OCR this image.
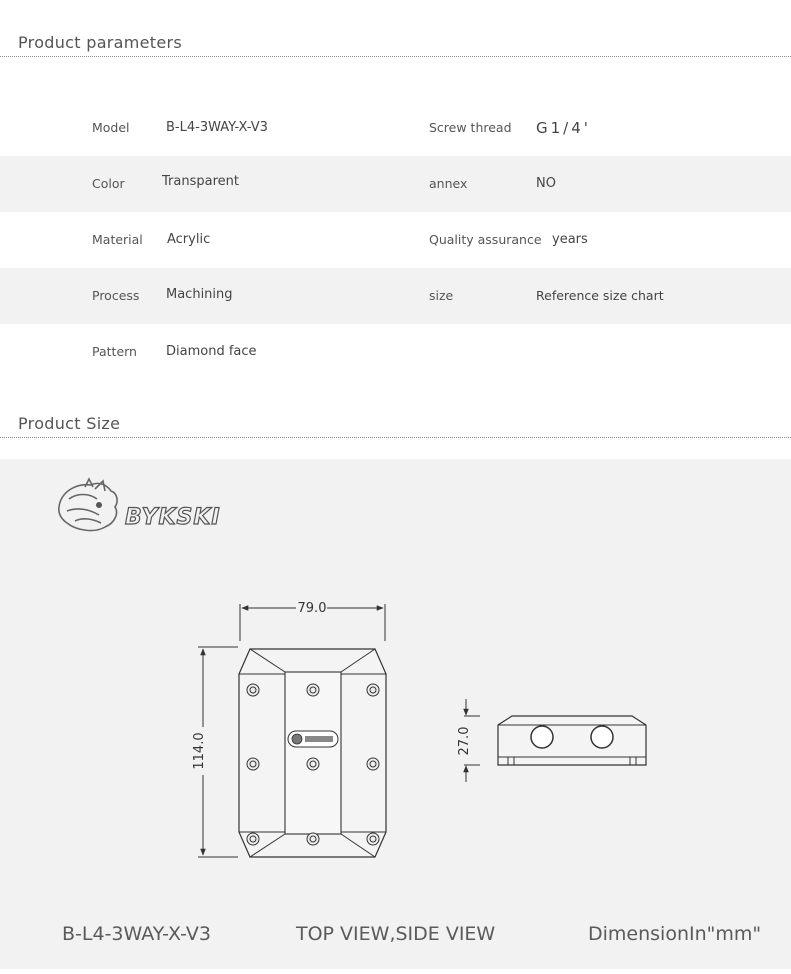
Product parameters
Model	B-L4-3WAY-X-V3	Screw thread G1/4'
Color	Transparent	annex	NO
Material Acrylic	Quality assurance years
Process Machining	size	Reference size chart
Pattern Diamond face
Product Size
BYKSKI
79.0
114.0	27.0
B-L4-3WAY-X-V3	TOP VIEW,SIDE VIEW	DimensionIn"mm"
